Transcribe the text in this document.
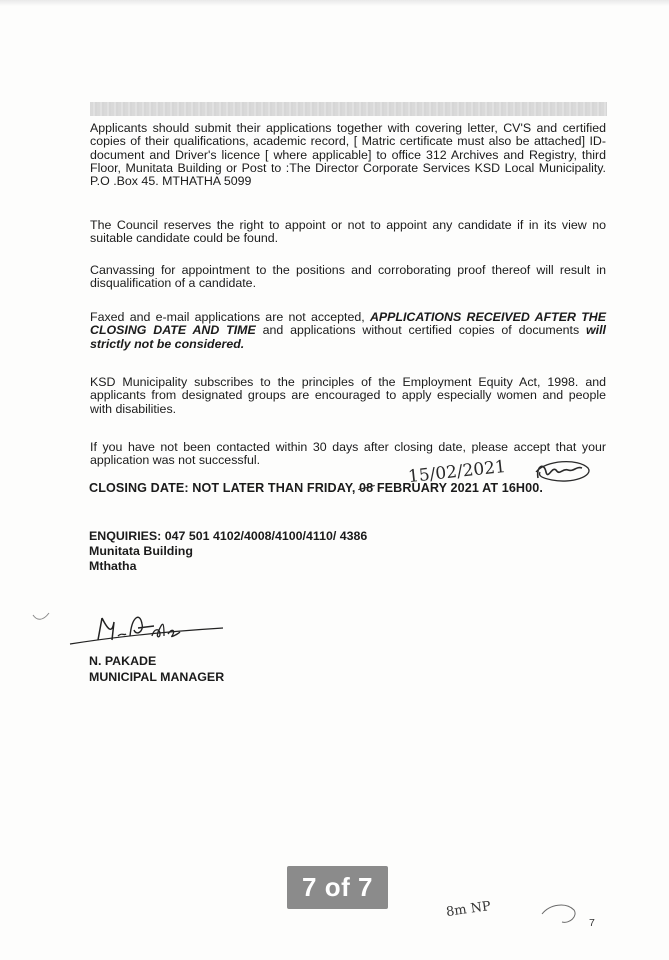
Applicants should submit their applications together with covering letter, CV'S and certified copies of their qualifications, academic record, [ Matric certificate must also be attached] ID- document and Driver's licence [ where applicable] to office 312 Archives and Registry, third Floor, Munitata Building or Post to :The Director Corporate Services KSD Local Municipality. P.O .Box 45. MTHATHA 5099

The Council reserves the right to appoint or not to appoint any candidate if in its view no suitable candidate could be found.

Canvassing for appointment to the positions and corroborating proof thereof will result in disqualification of a candidate.

Faxed and e-mail applications are not accepted, APPLICATIONS RECEIVED AFTER THE CLOSING DATE AND TIME and applications without certified copies of documents will strictly not be considered.

KSD Municipality subscribes to the principles of the Employment Equity Act, 1998. and applicants from designated groups are encouraged to apply especially women and people with disabilities.

If you have not been contacted within 30 days after closing date, please accept that your application was not successful.	15/02/2021

CLOSING DATE: NOT LATER THAN FRIDAY, 08 FEBRUARY 2021 AT 16H00.

ENQUIRIES: 047 501 4102/4008/4100/4110/ 4386
Munitata Building
Mthatha
N. PAKADE
MUNICIPAL MANAGER
7 of 7
8m NP
7
